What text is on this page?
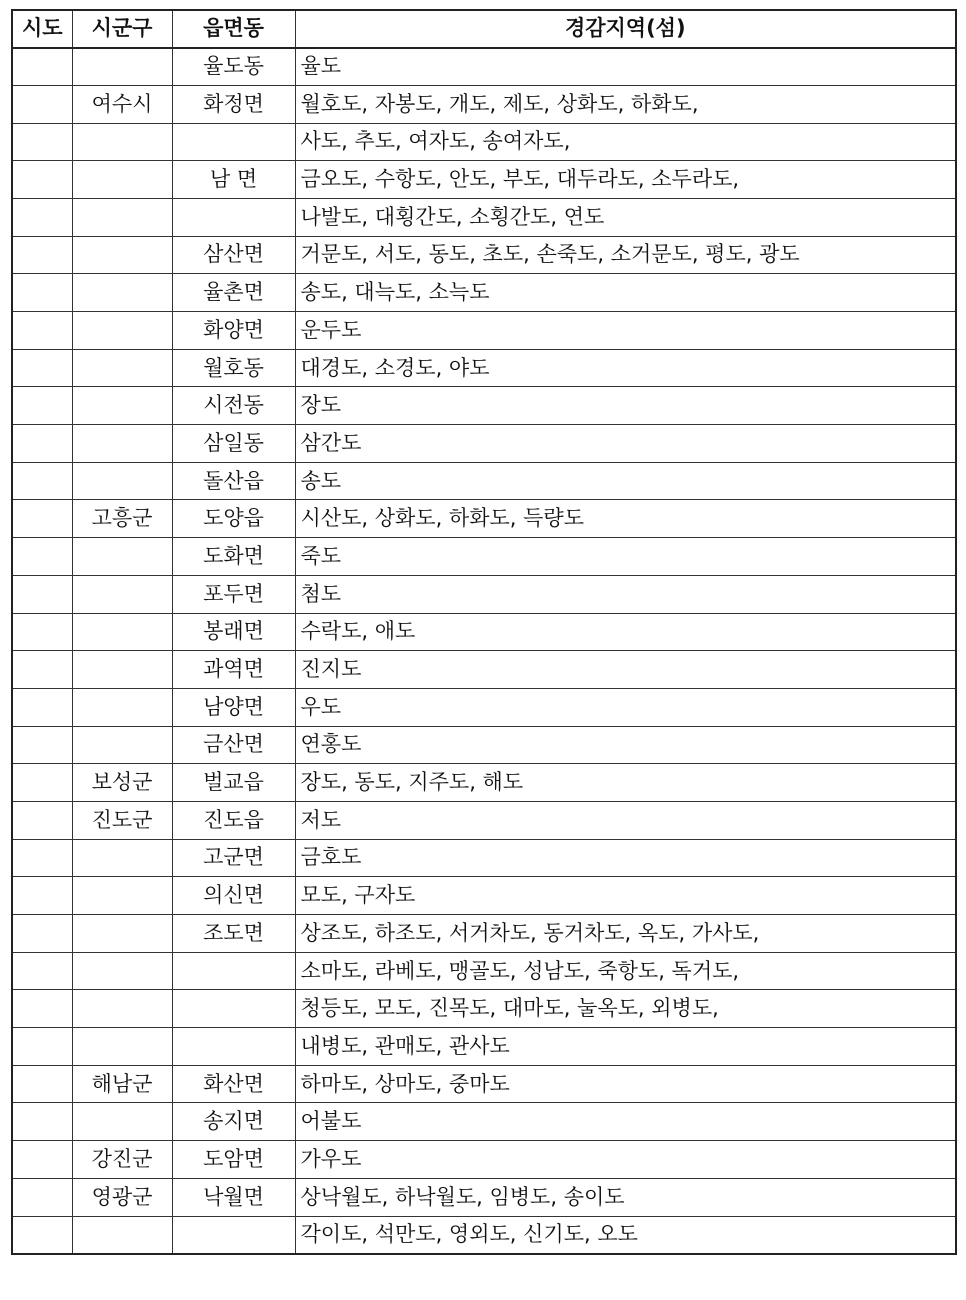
시도	시군구	읍면동	경감지역(섬)
		율도동	율도
	여수시	화정면	월호도, 자봉도, 개도, 제도, 상화도, 하화도,
			사도, 추도, 여자도, 송여자도,
		남 면	금오도, 수항도, 안도, 부도, 대두라도, 소두라도,
			나발도, 대횡간도, 소횡간도, 연도
		삼산면	거문도, 서도, 동도, 초도, 손죽도, 소거문도, 평도, 광도
		율촌면	송도, 대늑도, 소늑도
		화양면	운두도
		월호동	대경도, 소경도, 야도
		시전동	장도
		삼일동	삼간도
		돌산읍	송도
	고흥군	도양읍	시산도, 상화도, 하화도, 득량도
		도화면	죽도
		포두면	첨도
		봉래면	수락도, 애도
		과역면	진지도
		남양면	우도
		금산면	연홍도
	보성군	벌교읍	장도, 동도, 지주도, 해도
	진도군	진도읍	저도
		고군면	금호도
		의신면	모도, 구자도
		조도면	상조도, 하조도, 서거차도, 동거차도, 옥도, 가사도,
			소마도, 라베도, 맹골도, 성남도, 죽항도, 독거도,
			청등도, 모도, 진목도, 대마도, 눌옥도, 외병도,
			내병도, 관매도, 관사도
	해남군	화산면	하마도, 상마도, 중마도
		송지면	어불도
	강진군	도암면	가우도
	영광군	낙월면	상낙월도, 하낙월도, 임병도, 송이도
			각이도, 석만도, 영외도, 신기도, 오도
